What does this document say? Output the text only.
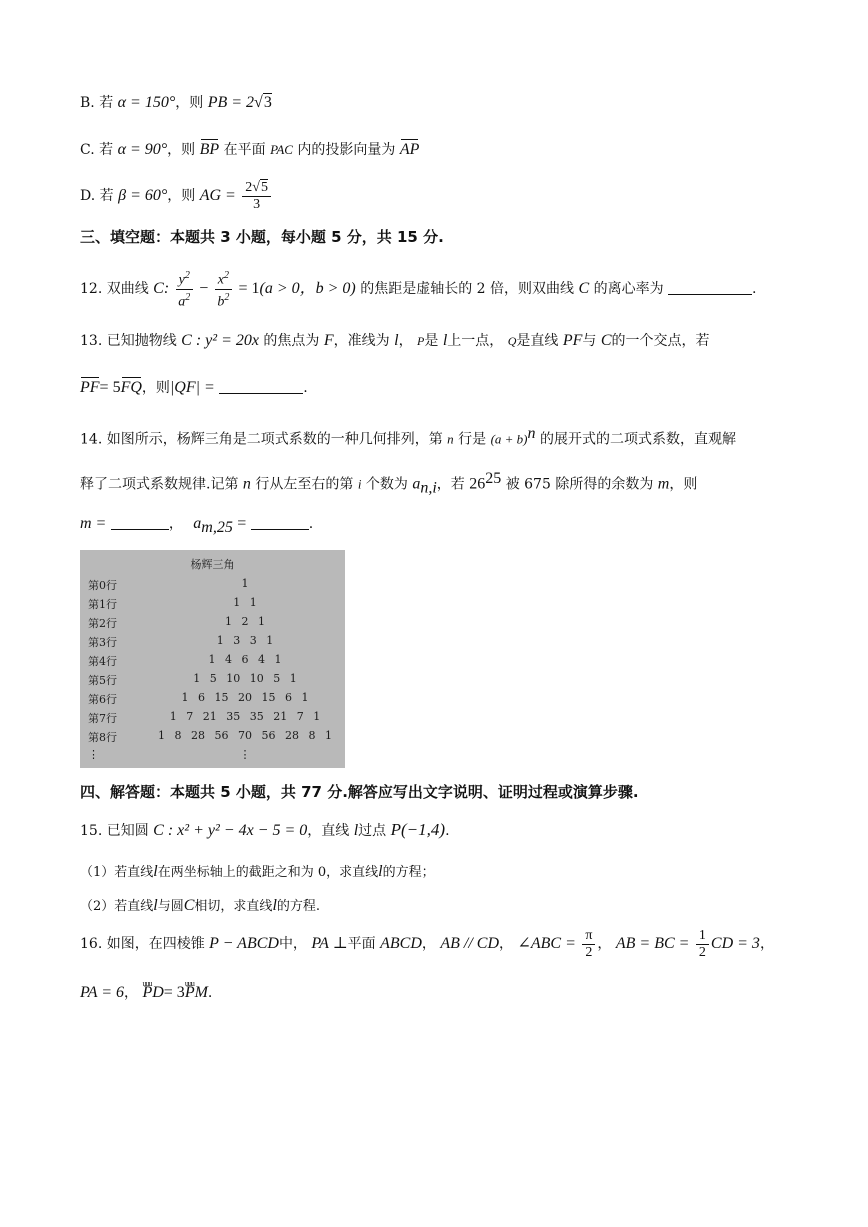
B. 若 α = 150°，则 PB = 2√3
C. 若 α = 90°，则 BP 在平面 PAC 内的投影向量为 AP
D. 若 β = 60°，则 AG = $\frac{2√5}{3}$
三、填空题：本题共 3 小题，每小题 5 分，共 15 分.
12. 双曲线 C: $\frac{y^2}{a^2} - \frac{x^2}{b^2} = 1(a > 0$，b > 0) 的焦距是虚轴长的 2 倍，则双曲线 C 的离心率为	.
13. 已知抛物线 C : y² = 20x 的焦点为 F，准线为 l， P是 l上一点， Q是直线 PF与 C的一个交点，若
PF= 5FQ，则|QF| =	.
14. 如图所示，杨辉三角是二项式系数的一种几何排列，第 n 行是 $(a + b)^n$ 的展开式的二项式系数，直观解
释了二项式系数规律.记第 n 行从左至右的第 i 个数为 $a_{n,i}$，若 $26^{25}$ 被 675 除所得的余数为 m，则
m =	， $a_{m,25}$ =	.
杨辉三角
第0行	1
第1行	1 1
第2行	1 2 1
第3行	1 3 3 1
第4行	1 4 6 4 1
第5行	1 5 10 10 5 1
第6行	1 6 15 20 15 6 1
第7行	1 7 21 35 35 21 7 1
第8行	1 8 28 56 70 56 28 8 1
⋮	⋮
四、解答题：本题共 5 小题，共 77 分.解答应写出文字说明、证明过程或演算步骤.
15. 已知圆 C : x² + y² − 4x − 5 = 0，直线 l过点 P(−1,4).
（1）若直线l在两坐标轴上的截距之和为 0，求直线l的方程；
（2）若直线l与圆C相切，求直线l的方程.
16. 如图，在四棱锥 P − ABCD中， PA ⊥平面 ABCD， AB // CD， ∠ABC = $\frac{\pi}{2}$ ， AB = BC = $\frac{1}{2}$ CD = 3，
PA = 6， PD uuu= 3PM uuu.
